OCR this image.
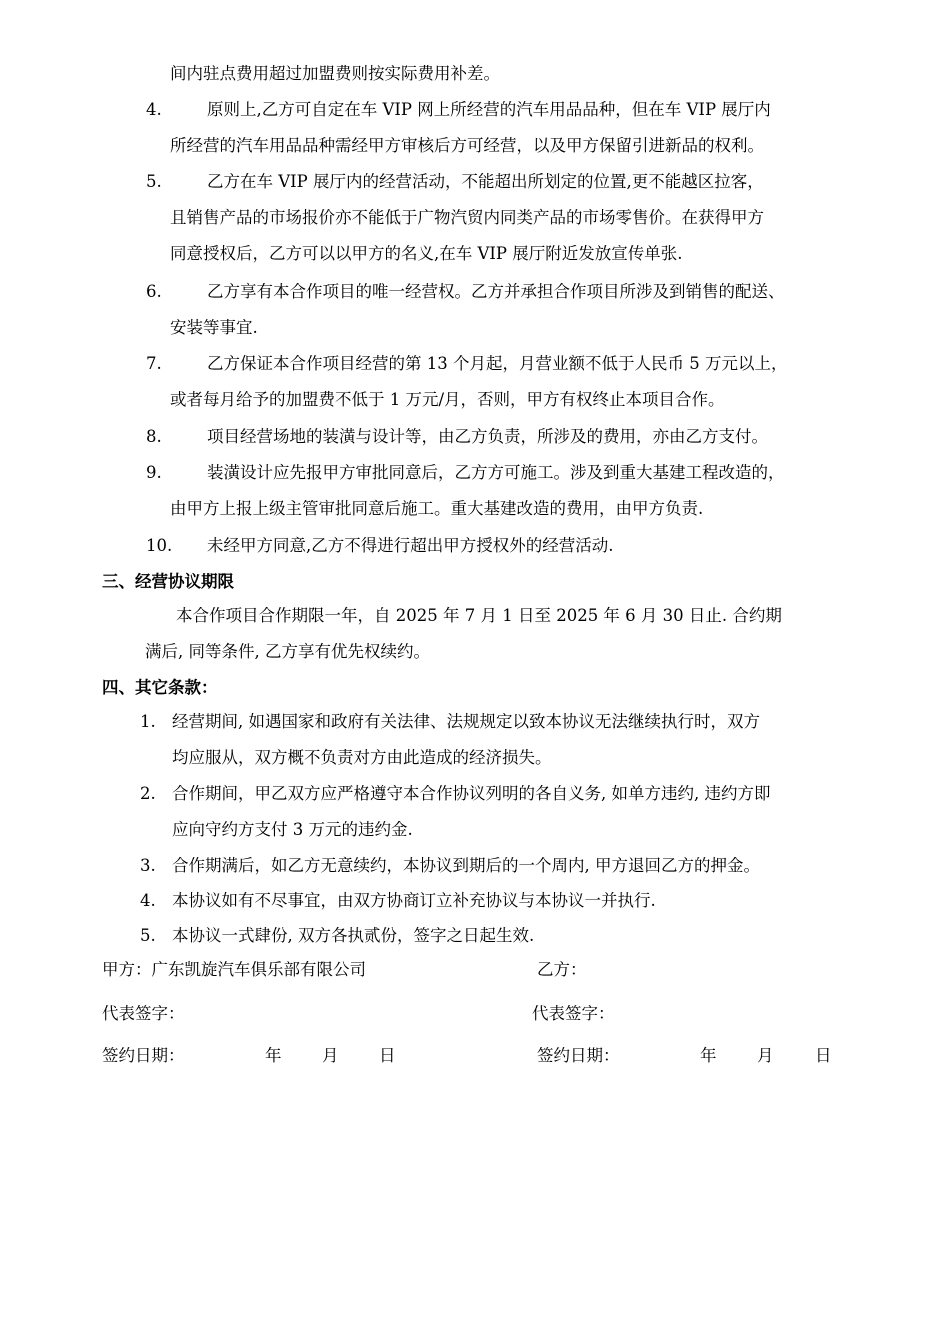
间内驻点费用超过加盟费则按实际费用补差。
4.	原则上,乙方可自定在车 VIP 网上所经营的汽车用品品种，但在车 VIP 展厅内
所经营的汽车用品品种需经甲方审核后方可经营，以及甲方保留引进新品的权利。
5.	乙方在车 VIP 展厅内的经营活动，不能超出所划定的位置,更不能越区拉客，
且销售产品的市场报价亦不能低于广物汽贸内同类产品的市场零售价。在获得甲方
同意授权后，乙方可以以甲方的名义,在车 VIP 展厅附近发放宣传单张.
6.	乙方享有本合作项目的唯一经营权。乙方并承担合作项目所涉及到销售的配送、
安装等事宜.
7.	乙方保证本合作项目经营的第 13 个月起，月营业额不低于人民币 5 万元以上，
或者每月给予的加盟费不低于 1 万元/月，否则，甲方有权终止本项目合作。
8.	项目经营场地的装潢与设计等，由乙方负责，所涉及的费用，亦由乙方支付。
9.	装潢设计应先报甲方审批同意后，乙方方可施工。涉及到重大基建工程改造的，
由甲方上报上级主管审批同意后施工。重大基建改造的费用，由甲方负责.
10. 未经甲方同意,乙方不得进行超出甲方授权外的经营活动.
三、经营协议期限
本合作项目合作期限一年，自 2025 年 7 月 1 日至 2025 年 6 月 30 日止. 合约期
满后, 同等条件, 乙方享有优先权续约。
四、其它条款：
1. 经营期间, 如遇国家和政府有关法律、法规规定以致本协议无法继续执行时，双方
均应服从，双方概不负责对方由此造成的经济损失。
2. 合作期间，甲乙双方应严格遵守本合作协议列明的各自义务, 如单方违约, 违约方即
应向守约方支付 3 万元的违约金.
3. 合作期满后，如乙方无意续约，本协议到期后的一个周内, 甲方退回乙方的押金。
4. 本协议如有不尽事宜，由双方协商订立补充协议与本协议一并执行.
5. 本协议一式肆份, 双方各执贰份，签字之日起生效.
甲方：广东凯旋汽车俱乐部有限公司	乙方：
代表签字：	代表签字：
签约日期：	年 月 日	签约日期：	年 月	日
